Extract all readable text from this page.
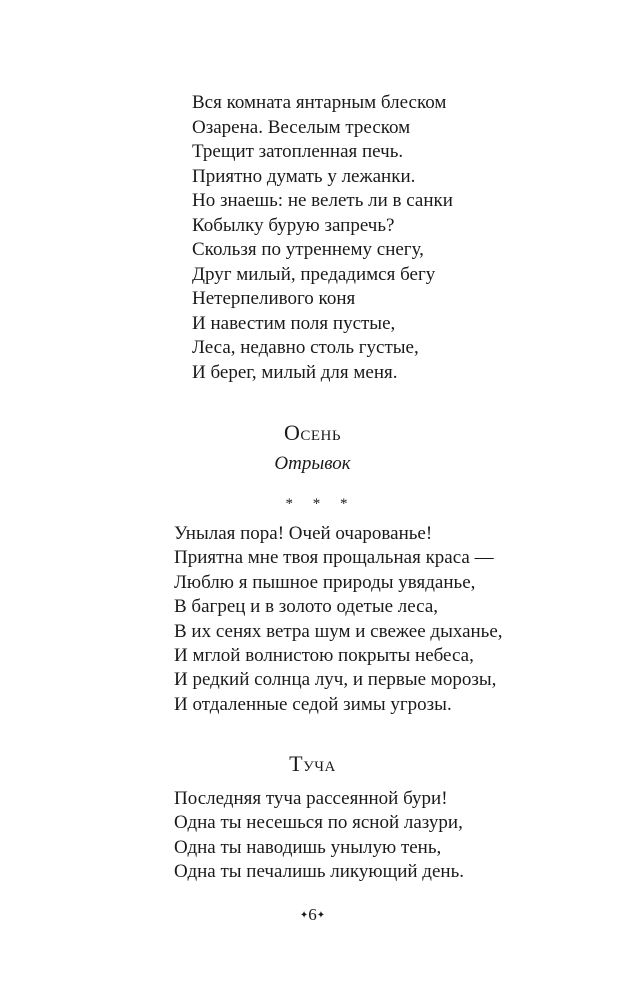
Вся комната янтарным блеском
Озарена. Веселым треском
Трещит затопленная печь.
Приятно думать у лежанки.
Но знаешь: не велеть ли в санки
Кобылку бурую запречь?
Скользя по утреннему снегу,
Друг милый, предадимся бегу
Нетерпеливого коня
И навестим поля пустые,
Леса, недавно столь густые,
И берег, милый для меня.
Осень
Отрывок
* * *
Унылая пора! Очей очарованье!
Приятна мне твоя прощальная краса —
Люблю я пышное природы увяданье,
В багрец и в золото одетые леса,
В их сенях ветра шум и свежее дыханье,
И мглой волнистою покрыты небеса,
И редкий солнца луч, и первые морозы,
И отдаленные седой зимы угрозы.
Туча
Последняя туча рассеянной бури!
Одна ты несешься по ясной лазури,
Одна ты наводишь унылую тень,
Одна ты печалишь ликующий день.
✦6✦
